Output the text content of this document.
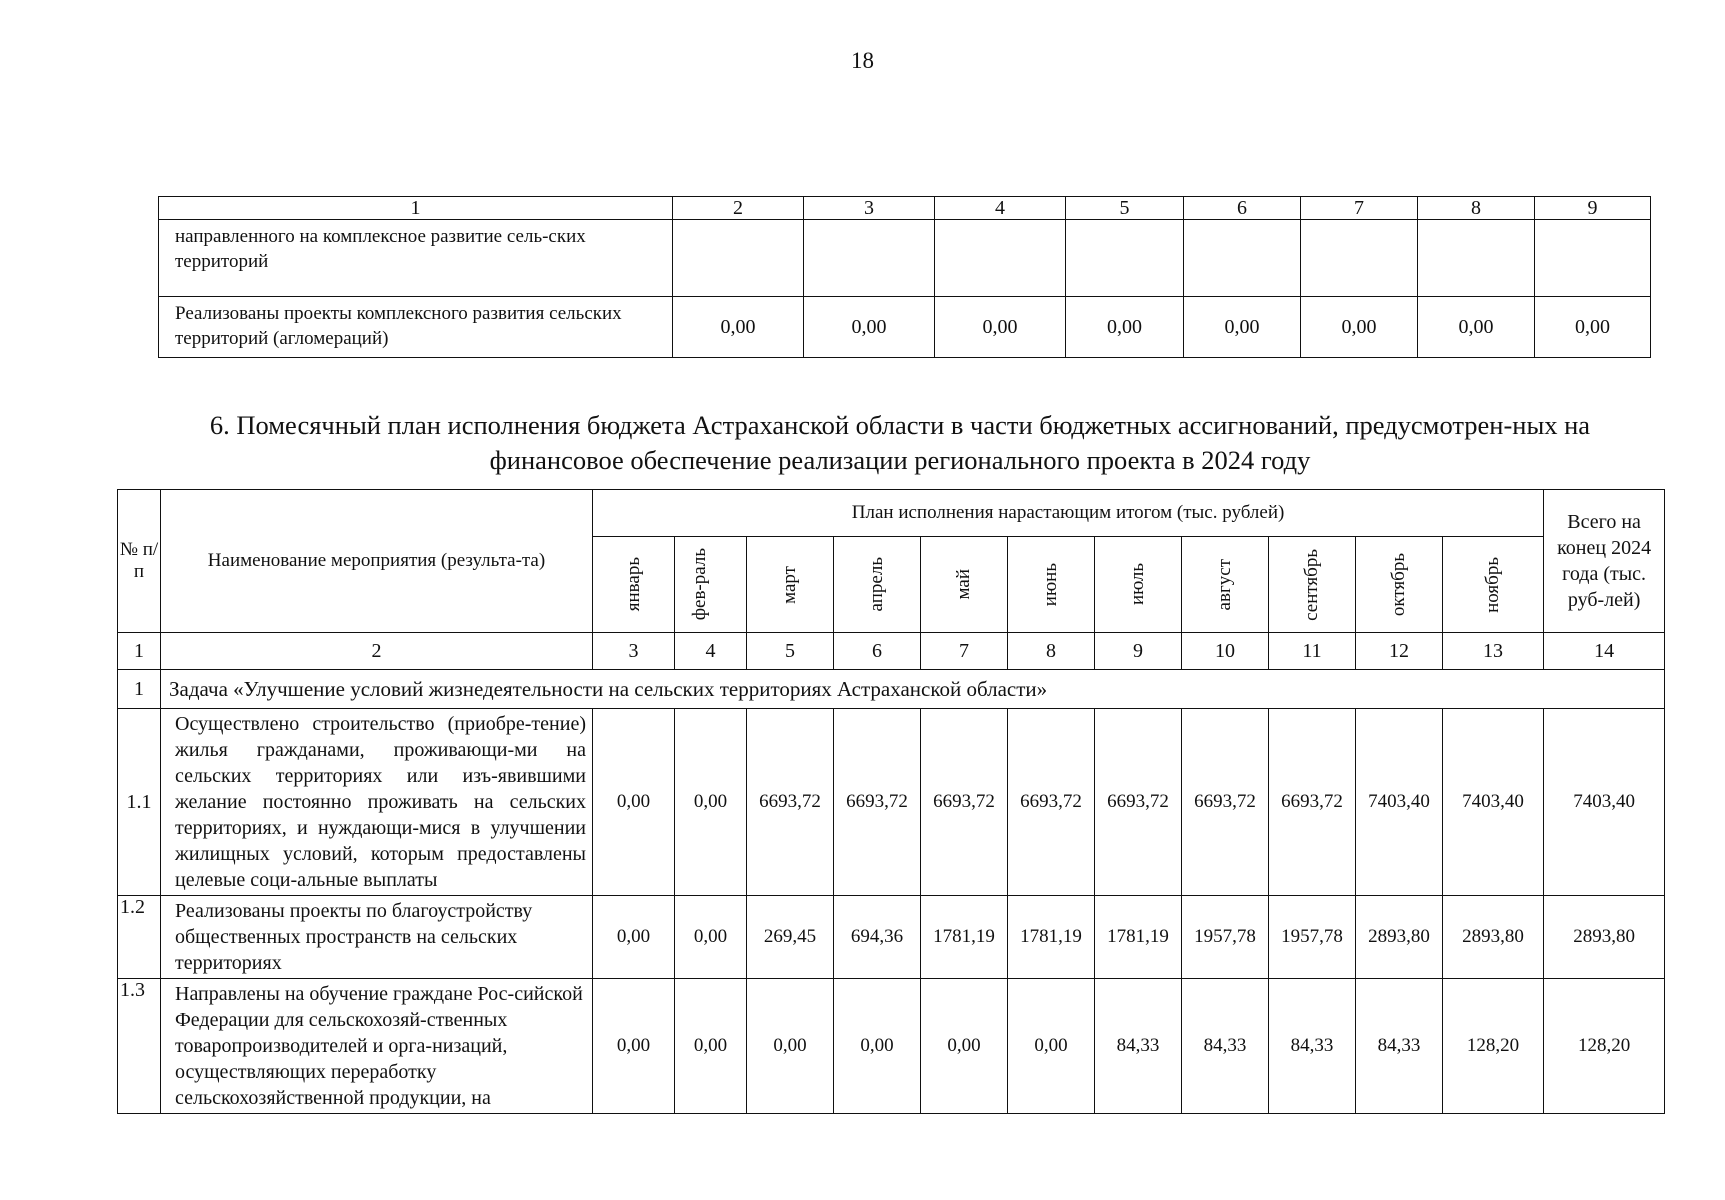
18
1	2	3	4	5	6	7	8	9
направленного на комплексное развитие сель-ских территорий								
Реализованы проекты комплексного развития сельских территорий (агломераций)	0,00	0,00	0,00	0,00	0,00	0,00	0,00	0,00
6. Помесячный план исполнения бюджета Астраханской области в части бюджетных ассигнований, предусмотрен-ных на финансовое обеспечение реализации регионального проекта в 2024 году
№ п/п	Наименование мероприятия (результа-та)	План исполнения нарастающим итогом (тыс. рублей)											Всего на конец 2024 года (тыс. руб-лей)

		январь	фев-раль	март	апрель	май	июнь	июль	август	сентябрь	октябрь	ноябрь	

1	2	3	4	5	6	7	8	9	10	11	12	13	14
1	Задача «Улучшение условий жизнедеятельности на сельских территориях Астраханской области»												
1.1	Осуществлено строительство (приобре-тение) жилья гражданами, проживающи-ми на сельских территориях или изъ-явившими желание постоянно проживать на сельских территориях, и нуждающи-мися в улучшении жилищных условий, которым предоставлены целевые соци-альные выплаты	0,00	0,00	6693,72	6693,72	6693,72	6693,72	6693,72	6693,72	6693,72	7403,40	7403,40	7403,40
1.2	Реализованы проекты по благоустройству общественных пространств на сельских территориях	0,00	0,00	269,45	694,36	1781,19	1781,19	1781,19	1957,78	1957,78	2893,80	2893,80	2893,80
1.3	Направлены на обучение граждане Рос-сийской Федерации для сельскохозяй-ственных товаропроизводителей и орга-низаций, осуществляющих переработку сельскохозяйственной продукции, на	0,00	0,00	0,00	0,00	0,00	0,00	84,33	84,33	84,33	84,33	128,20	128,20
